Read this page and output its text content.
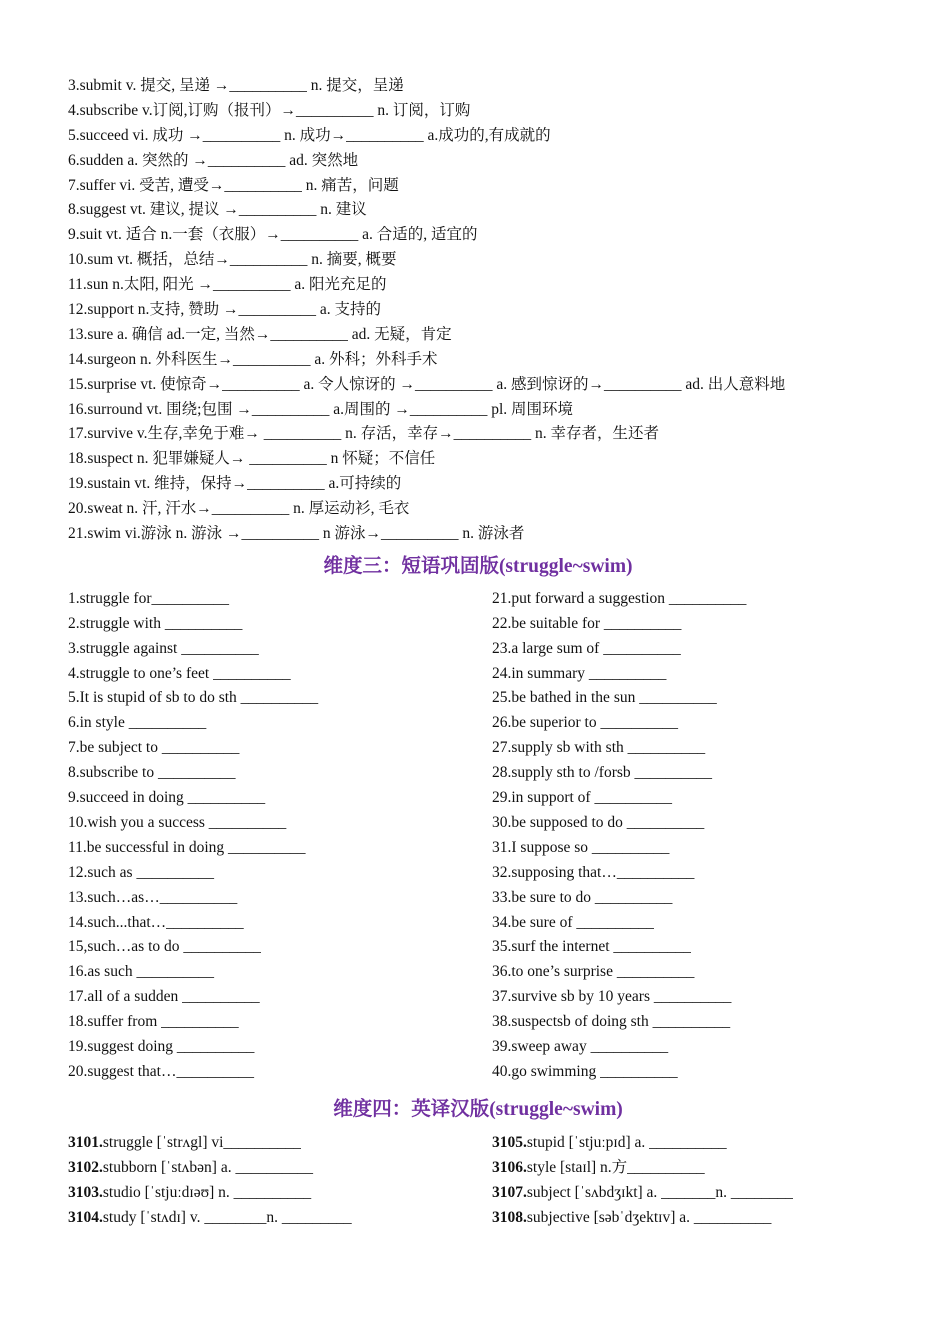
3.submit v. 提交, 呈递 →__________ n. 提交，呈递
4.subscribe v.订阅,订购（报刊）→__________ n. 订阅，订购
5.succeed vi. 成功 →__________ n. 成功→__________ a.成功的,有成就的
6.sudden a. 突然的 →__________ ad. 突然地
7.suffer vi. 受苦, 遭受→__________ n. 痛苦，问题
8.suggest vt. 建议, 提议 →__________ n. 建议
9.suit vt. 适合 n.一套（衣服）→__________ a. 合适的, 适宜的
10.sum vt. 概括，总结→__________ n. 摘要, 概要
11.sun n.太阳, 阳光 →__________ a. 阳光充足的
12.support n.支持, 赞助 →__________ a. 支持的
13.sure a. 确信 ad.一定, 当然→__________ ad. 无疑，肯定
14.surgeon n. 外科医生→__________ a. 外科；外科手术
15.surprise vt. 使惊奇→__________ a. 令人惊讶的 →__________ a. 感到惊讶的→__________ ad. 出人意料地
16.surround vt. 围绕;包围 →__________ a.周围的 →__________ pl. 周围环境
17.survive v.生存,幸免于难→ __________ n. 存活，幸存→__________ n. 幸存者，生还者
18.suspect n. 犯罪嫌疑人→ __________ n 怀疑；不信任
19.sustain vt. 维持，保持→__________ a.可持续的
20.sweat n. 汗, 汗水→__________ n. 厚运动衫, 毛衣
21.swim vi.游泳 n. 游泳 →__________ n 游泳→__________ n. 游泳者
维度三：短语巩固版(struggle~swim)
1.struggle for__________
2.struggle with __________
3.struggle against __________
4.struggle to one’s feet __________
5.It is stupid of sb to do sth __________
6.in style __________
7.be subject to __________
8.subscribe to __________
9.succeed in doing __________
10.wish you a success __________
11.be successful in doing __________
12.such as __________
13.such…as…__________
14.such...that…__________
15,such…as to do __________
16.as such __________
17.all of a sudden __________
18.suffer from __________
19.suggest doing __________
20.suggest that…__________
21.put forward a suggestion __________
22.be suitable for __________
23.a large sum of __________
24.in summary __________
25.be bathed in the sun __________
26.be superior to __________
27.supply sb with sth __________
28.supply sth to /forsb __________
29.in support of __________
30.be supposed to do __________
31.I suppose so __________
32.supposing that…__________
33.be sure to do __________
34.be sure of __________
35.surf the internet __________
36.to one’s surprise __________
37.survive sb by 10 years __________
38.suspectsb of doing sth __________
39.sweep away __________
40.go swimming __________
维度四：英译汉版(struggle~swim)
3101.struggle [ˈstrʌgl] vi__________
3102.stubborn [ˈstʌbən] a. __________
3103.studio [ˈstjuːdɪəʊ] n. __________
3104.study [ˈstʌdɪ] v. ________n. _________
3105.stupid [ˈstjuːpɪd] a. __________
3106.style [staɪl] n.方__________
3107.subject [ˈsʌbdʒɪkt] a. _______n. ________
3108.subjective [səbˈdʒektɪv] a. __________
